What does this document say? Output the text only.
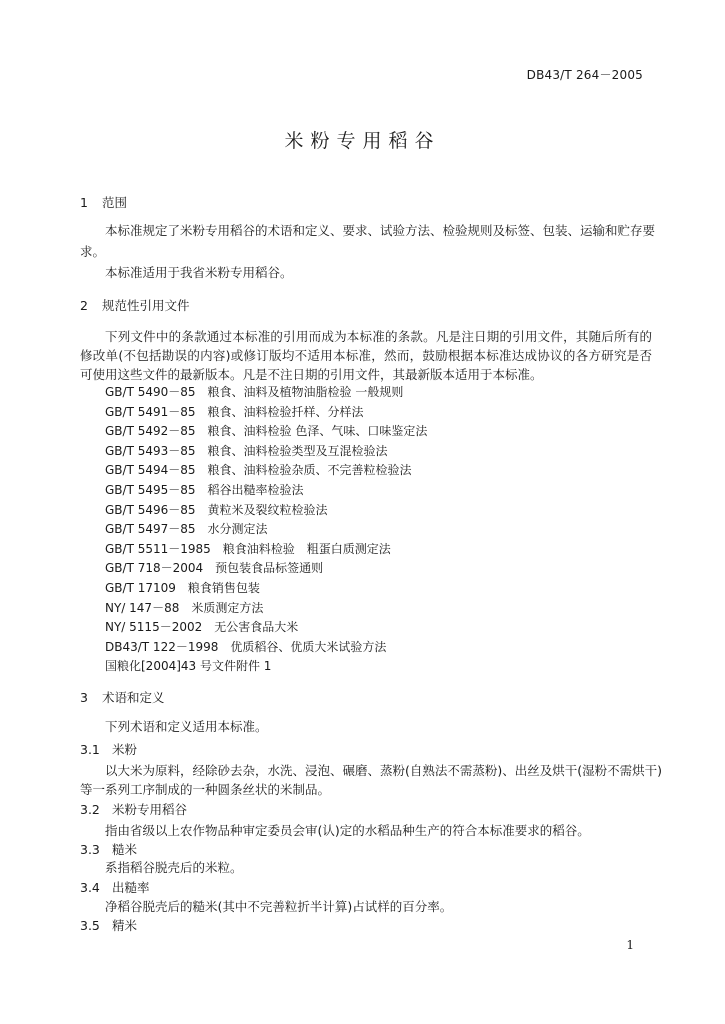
DB43/T 264－2005
米粉专用稻谷
1 范围
本标准规定了米粉专用稻谷的术语和定义、要求、试验方法、检验规则及标签、包装、运输和贮存要
求。
本标准适用于我省米粉专用稻谷。
2 规范性引用文件
下列文件中的条款通过本标准的引用而成为本标准的条款。凡是注日期的引用文件，其随后所有的
修改单(不包括勘误的内容)或修订版均不适用本标准，然而，鼓励根据本标准达成协议的各方研究是否
可使用这些文件的最新版本。凡是不注日期的引用文件，其最新版本适用于本标准。
GB/T 5490－85　粮食、油料及植物油脂检验 一般规则
GB/T 5491－85　粮食、油料检验扦样、分样法
GB/T 5492－85　粮食、油料检验 色泽、气味、口味鉴定法
GB/T 5493－85　粮食、油料检验类型及互混检验法
GB/T 5494－85　粮食、油料检验杂质、不完善粒检验法
GB/T 5495－85　稻谷出糙率检验法
GB/T 5496－85　黄粒米及裂纹粒检验法
GB/T 5497－85　水分测定法
GB/T 5511－1985　粮食油料检验　粗蛋白质测定法
GB/T 718－2004　预包装食品标签通则
GB/T 17109　粮食销售包装
NY/ 147－88　米质测定方法
NY/ 5115－2002　无公害食品大米
DB43/T 122－1998　优质稻谷、优质大米试验方法
国粮化[2004]43 号文件附件 1
3 术语和定义
下列术语和定义适用本标准。
3.1 米粉
以大米为原料，经除砂去杂，水洗、浸泡、碾磨、蒸粉(自熟法不需蒸粉)、出丝及烘干(湿粉不需烘干)
等一系列工序制成的一种圆条丝状的米制品。
3.2 米粉专用稻谷
指由省级以上农作物品种审定委员会审(认)定的水稻品种生产的符合本标准要求的稻谷。
3.3 糙米
系指稻谷脱壳后的米粒。
3.4 出糙率
净稻谷脱壳后的糙米(其中不完善粒折半计算)占试样的百分率。
3.5 精米
1
